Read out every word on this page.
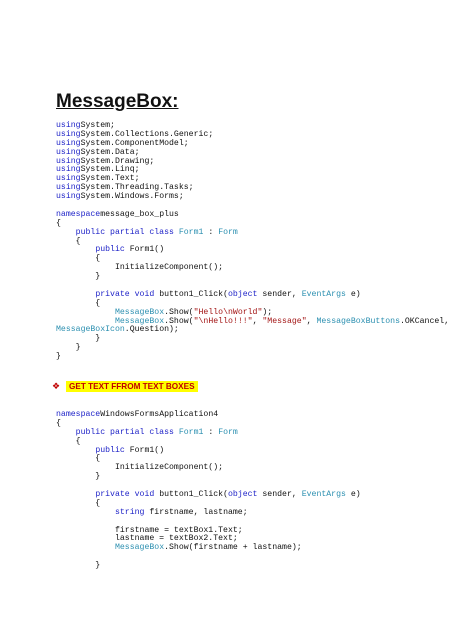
MessageBox:
usingSystem;
usingSystem.Collections.Generic;
usingSystem.ComponentModel;
usingSystem.Data;
usingSystem.Drawing;
usingSystem.Linq;
usingSystem.Text;
usingSystem.Threading.Tasks;
usingSystem.Windows.Forms;

namespacemessage_box_plus
{
public partial class Form1 : Form
{
public Form1()
{
InitializeComponent();
}

private void button1_Click(object sender, EventArgs e)
{
MessageBox.Show("Hello\nWorld");
MessageBox.Show("\nHello!!!", "Message", MessageBoxButtons.OKCancel,
MessageBoxIcon.Question);
}
}
}
❖	GET TEXT FFROM TEXT BOXES
namespaceWindowsFormsApplication4
{
public partial class Form1 : Form
{
public Form1()
{
InitializeComponent();
}

private void button1_Click(object sender, EventArgs e)
{
string firstname, lastname;

firstname = textBox1.Text;
lastname = textBox2.Text;
MessageBox.Show(firstname + lastname);

}
